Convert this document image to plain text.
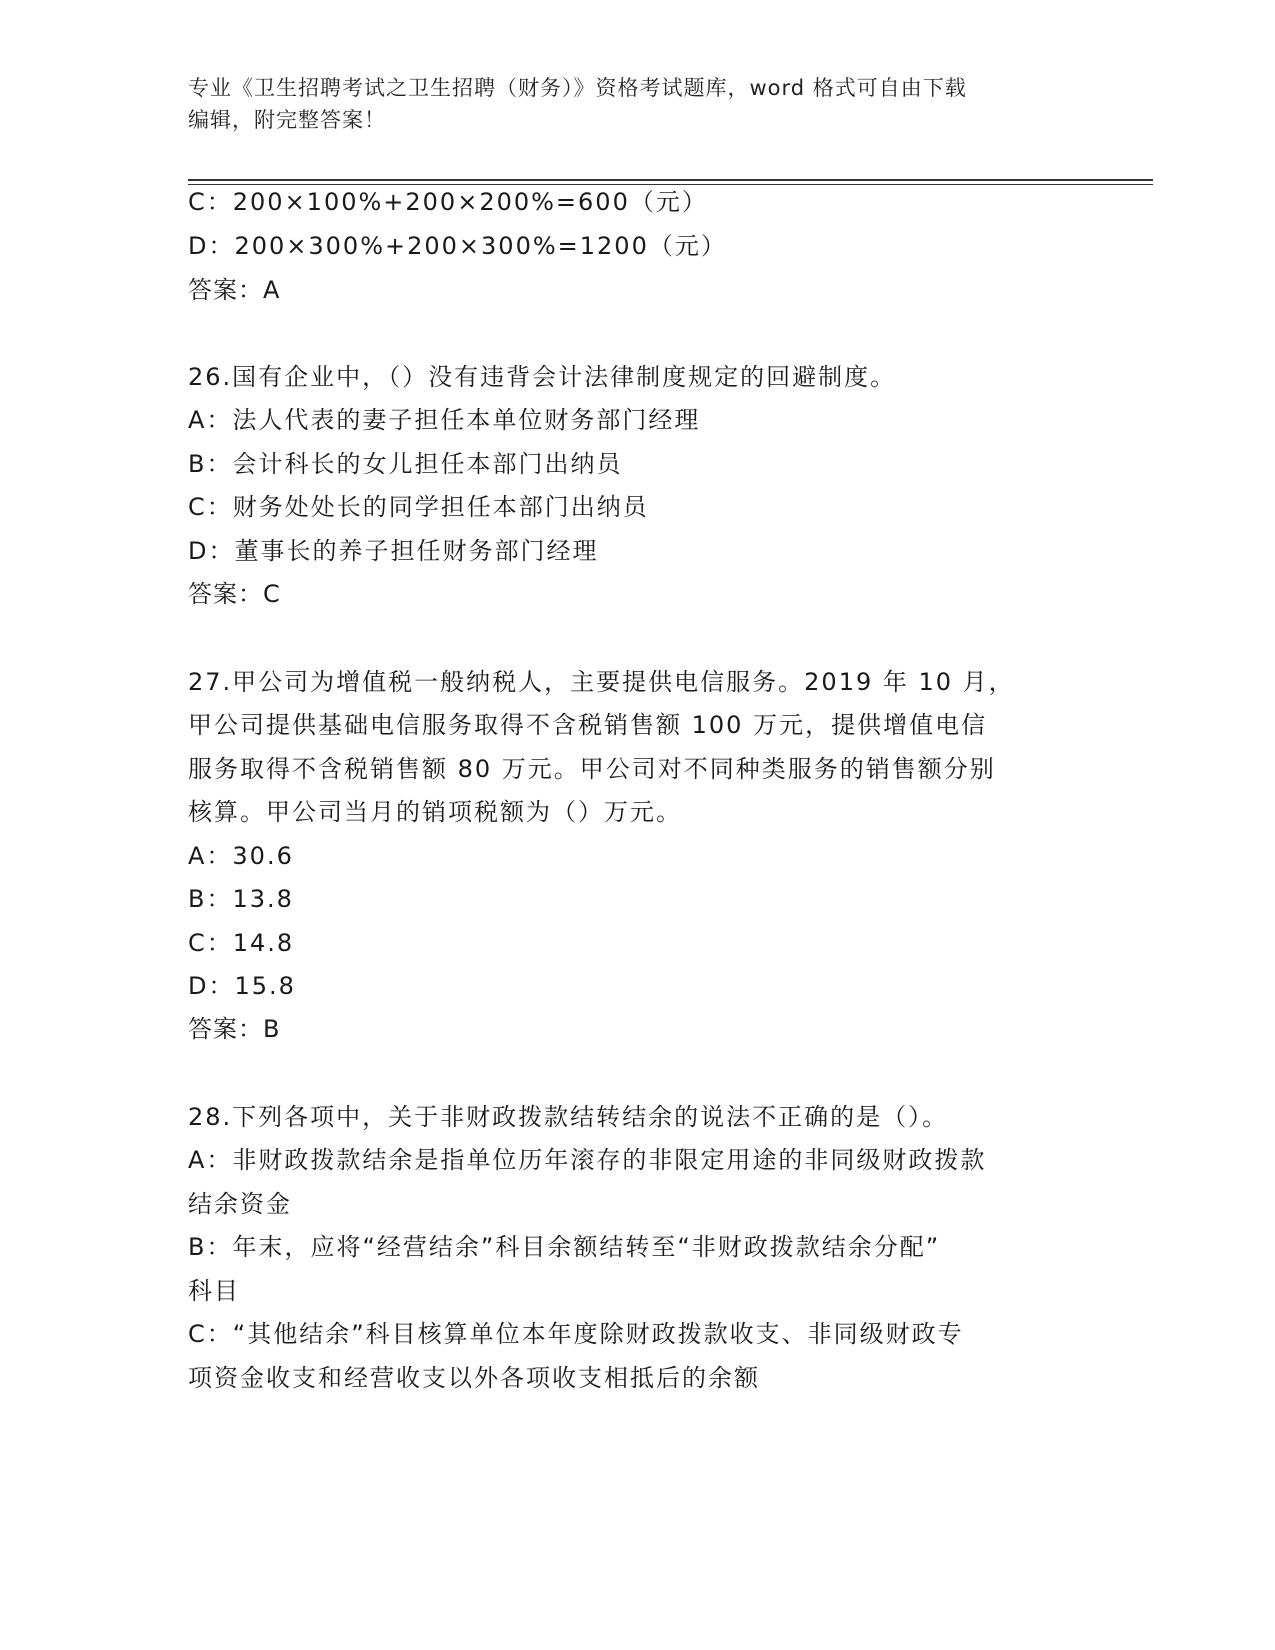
专业《卫生招聘考试之卫生招聘（财务）》资格考试题库，word 格式可自由下载
编辑，附完整答案！
C：200×100%+200×200%=600（元）
D：200×300%+200×300%=1200（元）
答案：A
26.国有企业中，（）没有违背会计法律制度规定的回避制度。
A：法人代表的妻子担任本单位财务部门经理
B：会计科长的女儿担任本部门出纳员
C：财务处处长的同学担任本部门出纳员
D：董事长的养子担任财务部门经理
答案：C
27.甲公司为增值税一般纳税人，主要提供电信服务。2019 年 10 月，
甲公司提供基础电信服务取得不含税销售额 100 万元，提供增值电信
服务取得不含税销售额 80 万元。甲公司对不同种类服务的销售额分别
核算。甲公司当月的销项税额为（）万元。
A：30.6
B：13.8
C：14.8
D：15.8
答案：B
28.下列各项中，关于非财政拨款结转结余的说法不正确的是（）。
A：非财政拨款结余是指单位历年滚存的非限定用途的非同级财政拨款
结余资金
B：年末，应将“经营结余”科目余额结转至“非财政拨款结余分配”
科目
C：“其他结余”科目核算单位本年度除财政拨款收支、非同级财政专
项资金收支和经营收支以外各项收支相抵后的余额
